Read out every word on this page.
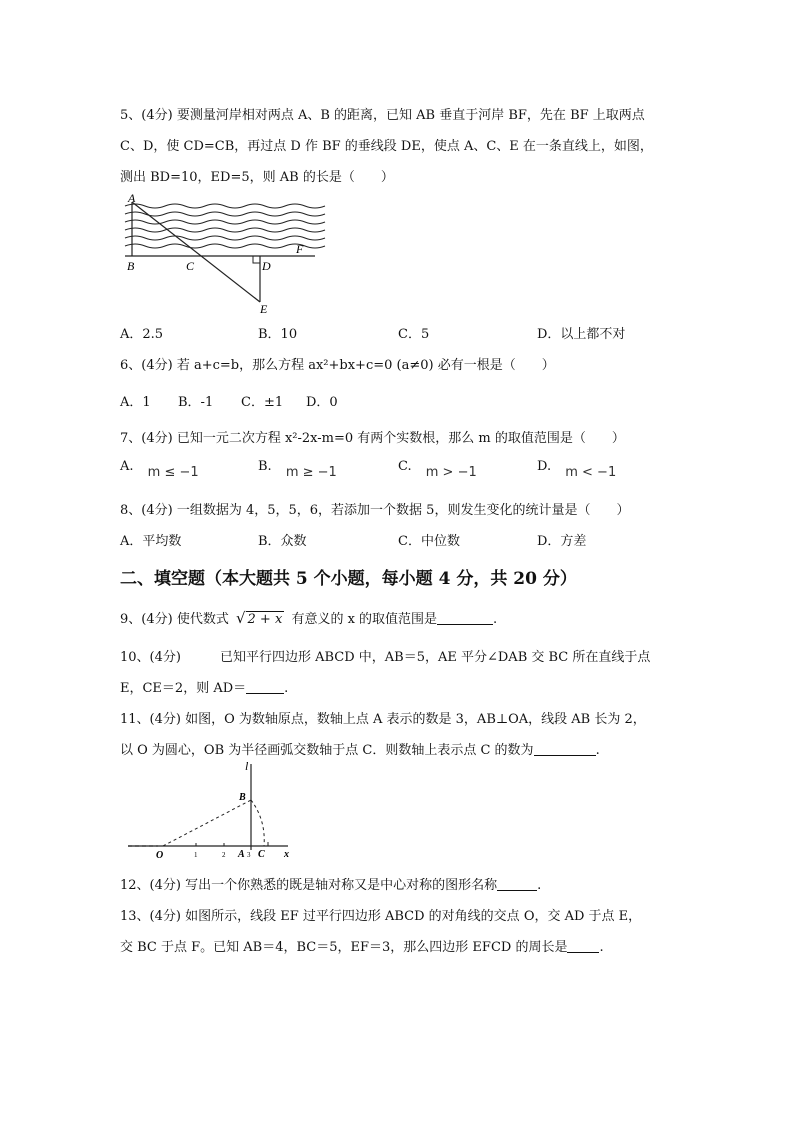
5、(4分) 要测量河岸相对两点 A、B 的距离，已知 AB 垂直于河岸 BF，先在 BF 上取两点
C、D，使 CD=CB，再过点 D 作 BF 的垂线段 DE，使点 A、C、E 在一条直线上，如图，
测出 BD=10，ED=5，则 AB 的长是（　　）
A
B	C	D
E
F
A．2.5	B．10	C．5	D．以上都不对
6、(4分) 若 a+c=b，那么方程 ax²+bx+c=0 (a≠0) 必有一根是（　　）
A．1 B．-1 C．±1 D．0
7、(4分) 已知一元二次方程 x²-2x-m=0 有两个实数根，那么 m 的取值范围是（　　）
A. m ≤ −1	B. m ≥ −1	C. m > −1	D. m < −1
8、(4分) 一组数据为 4，5，5，6，若添加一个数据 5，则发生变化的统计量是（　　）
A．平均数	B．众数	C．中位数	D．方差
二、填空题（本大题共 5 个小题，每小题 4 分，共 20 分）
9、(4分) 使代数式 √ 2 + x 有意义的 x 的取值范围是	.
10、(4分)　　　已知平行四边形 ABCD 中，AB＝5，AE 平分∠DAB 交 BC 所在直线于点
E，CE＝2，则 AD＝	.
11、(4分) 如图，O 为数轴原点，数轴上点 A 表示的数是 3，AB⊥OA，线段 AB 长为 2，
以 O 为圆心，OB 为半径画弧交数轴于点 C．则数轴上表示点 C 的数为	.
l
B
O	1	2 A 3 C x
12、(4分) 写出一个你熟悉的既是轴对称又是中心对称的图形名称	.
13、(4分) 如图所示，线段 EF 过平行四边形 ABCD 的对角线的交点 O，交 AD 于点 E，
交 BC 于点 F。已知 AB＝4，BC＝5，EF＝3，那么四边形 EFCD 的周长是 .
